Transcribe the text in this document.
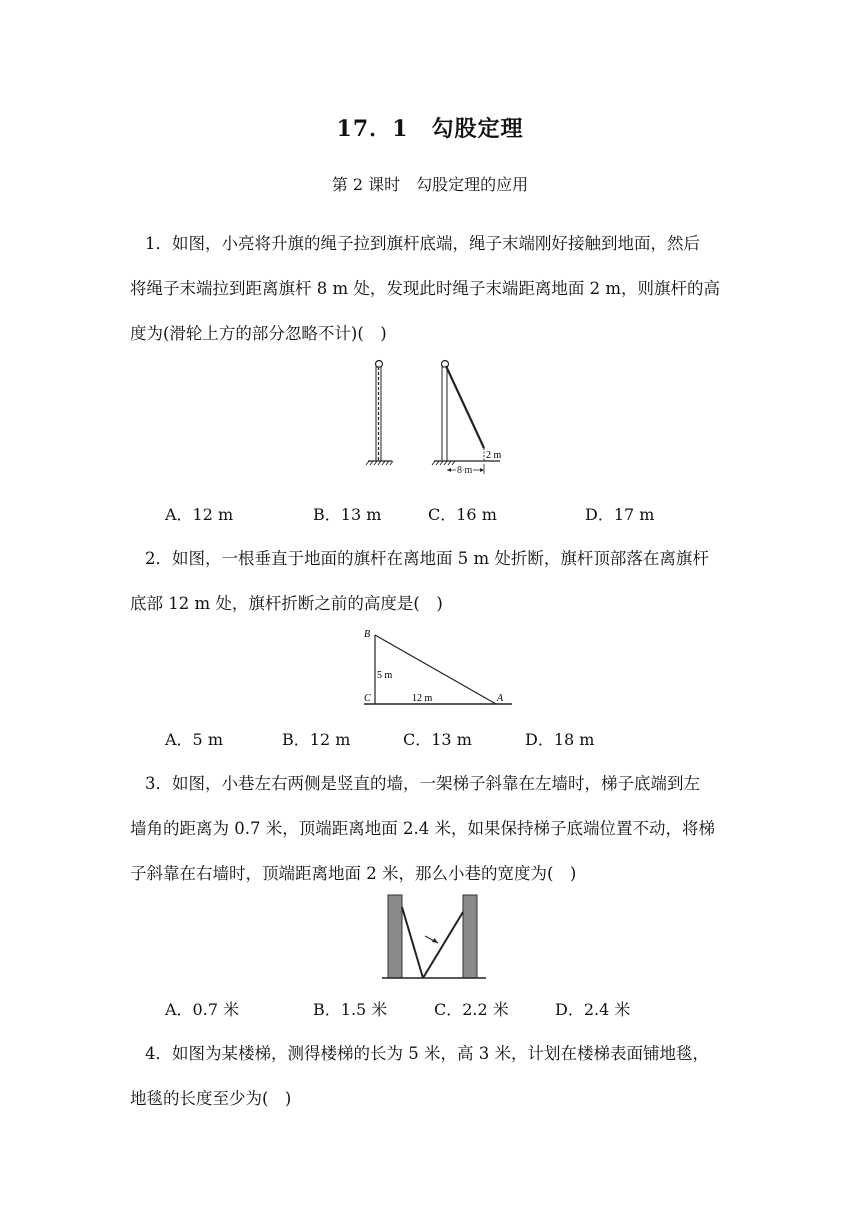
17．1　勾股定理
第 2 课时　勾股定理的应用
1．如图，小亮将升旗的绳子拉到旗杆底端，绳子末端刚好接触到地面，然后
将绳子末端拉到距离旗杆 8 m 处，发现此时绳子末端距离地面 2 m，则旗杆的高
度为(滑轮上方的部分忽略不计)(　)
2 m
8 m
A．12 m	B．13 m	C．16 m	D．17 m
2．如图，一根垂直于地面的旗杆在离地面 5 m 处折断，旗杆顶部落在离旗杆
底部 12 m 处，旗杆折断之前的高度是(　)
B
C	A
5 m
12 m
A．5 m	B．12 m	C．13 m	D．18 m
3．如图，小巷左右两侧是竖直的墙，一架梯子斜靠在左墙时，梯子底端到左
墙角的距离为 0.7 米，顶端距离地面 2.4 米，如果保持梯子底端位置不动，将梯
子斜靠在右墙时，顶端距离地面 2 米，那么小巷的宽度为(　)
A．0.7 米	B．1.5 米	C．2.2 米	D．2.4 米
4．如图为某楼梯，测得楼梯的长为 5 米，高 3 米，计划在楼梯表面铺地毯，
地毯的长度至少为(　)
